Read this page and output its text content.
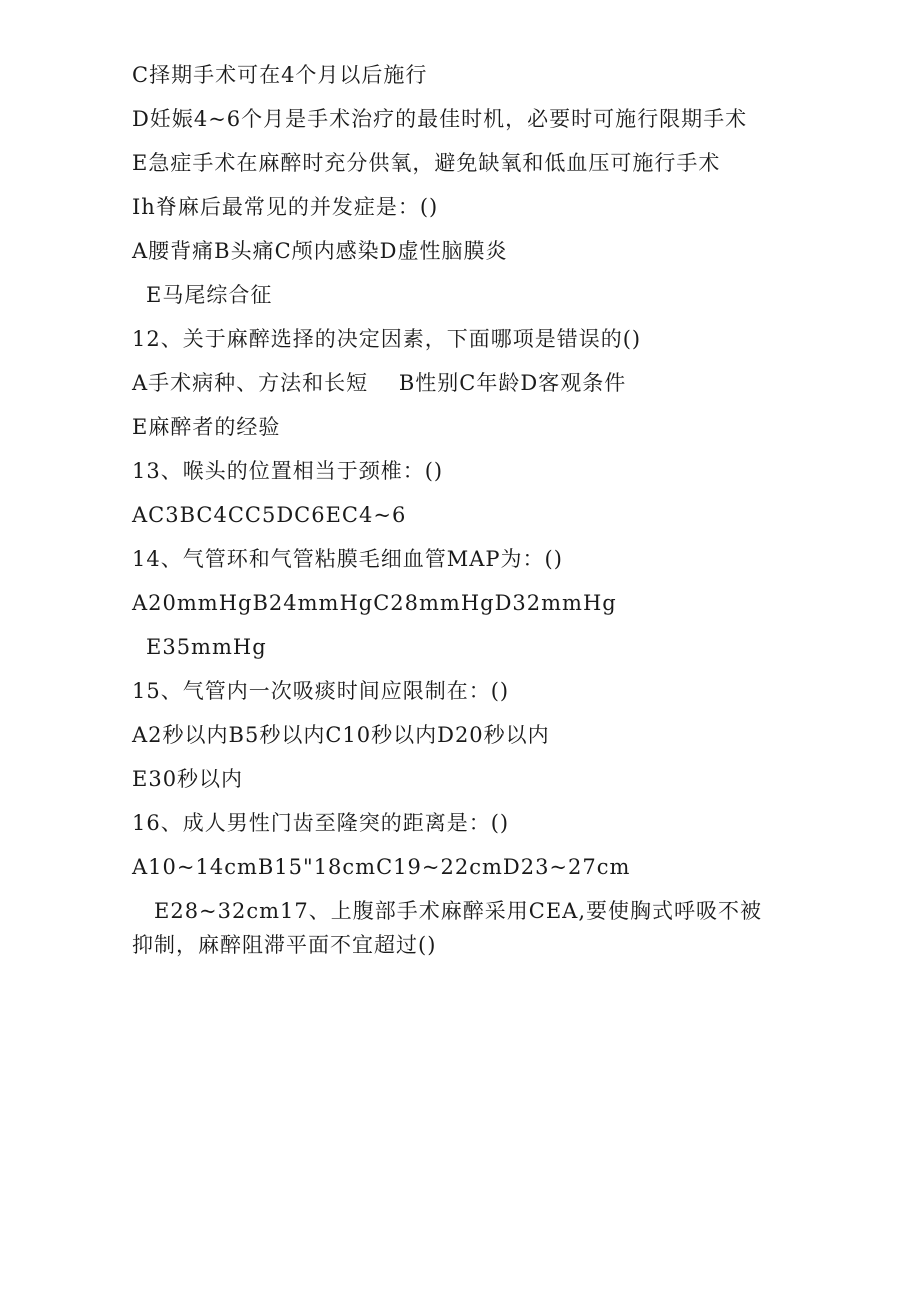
C择期手术可在4个月以后施行
D妊娠4~6个月是手术治疗的最佳时机，必要时可施行限期手术
E急症手术在麻醉时充分供氧，避免缺氧和低血压可施行手术
Ih脊麻后最常见的并发症是：()
A腰背痛B头痛C颅内感染D虚性脑膜炎
E马尾综合征
12、关于麻醉选择的决定因素，下面哪项是错误的()
A手术病种、方法和长短    B性别C年龄D客观条件
E麻醉者的经验
13、喉头的位置相当于颈椎：()
AC3BC4CC5DC6EC4~6
14、气管环和气管粘膜毛细血管MAP为：()
A20mmHgB24mmHgC28mmHgD32mmHg
E35mmHg
15、气管内一次吸痰时间应限制在：()
A2秒以内B5秒以内C10秒以内D20秒以内
E30秒以内
16、成人男性门齿至隆突的距离是：()
A10~14cmB15"18cmC19~22cmD23~27cm
E28~32cm17、上腹部手术麻醉采用CEA,要使胸式呼吸不被抑制，麻醉阻滞平面不宜超过()
